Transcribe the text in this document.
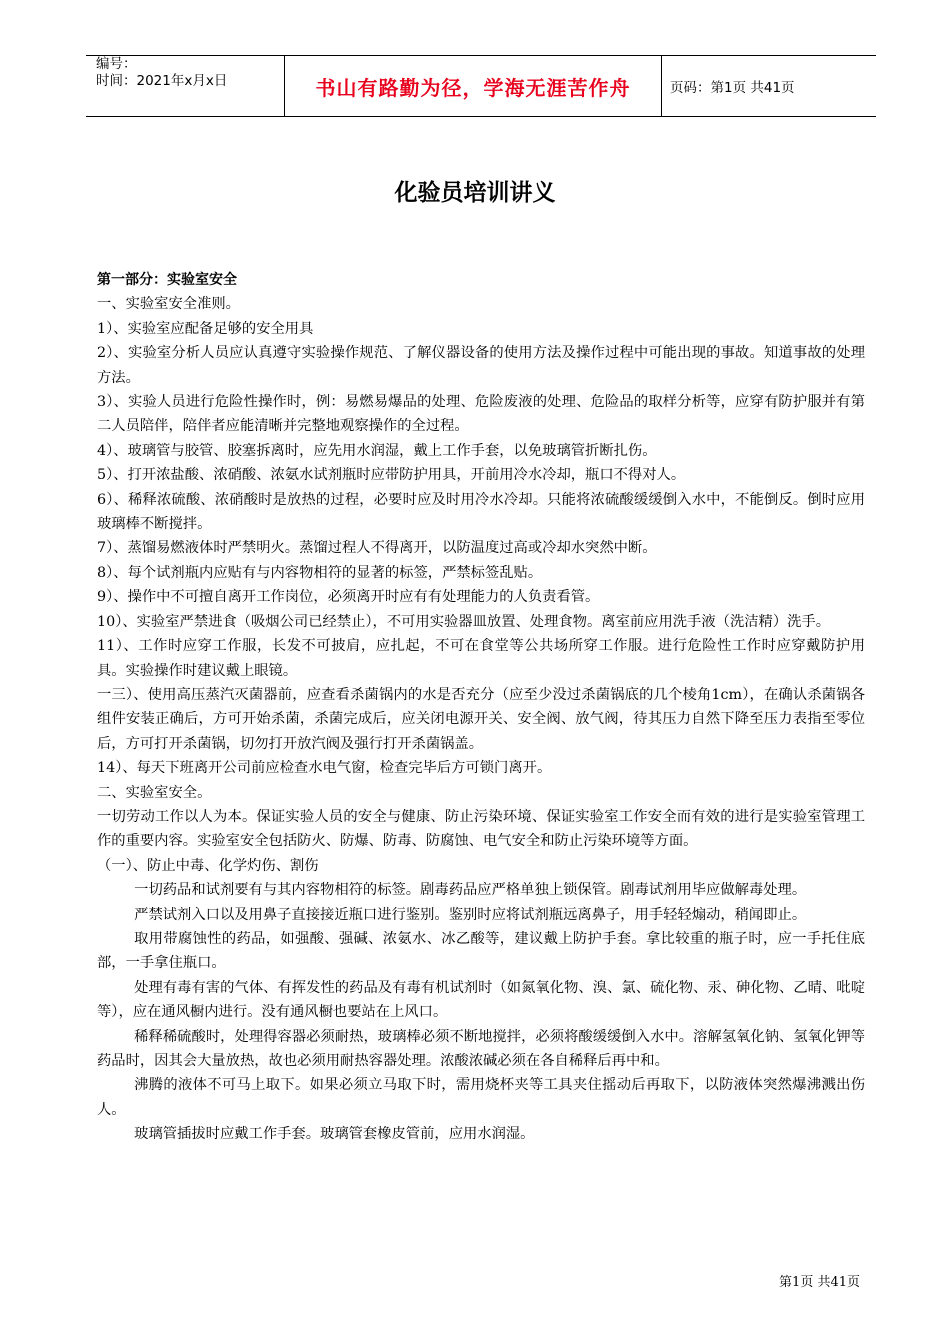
编号：
时间：2021年x月x日	书山有路勤为径，学海无涯苦作舟	页码：第1页 共41页
化验员培训讲义

第一部分：实验室安全

一、实验室安全准则。

1）、实验室应配备足够的安全用具

2）、实验室分析人员应认真遵守实验操作规范、了解仪器设备的使用方法及操作过程中可能出现的事故。知道事故的处理方法。

3）、实验人员进行危险性操作时，例：易燃易爆品的处理、危险废液的处理、危险品的取样分析等，应穿有防护服并有第二人员陪伴，陪伴者应能清晰并完整地观察操作的全过程。

4）、玻璃管与胶管、胶塞拆离时，应先用水润湿，戴上工作手套，以免玻璃管折断扎伤。

5）、打开浓盐酸、浓硝酸、浓氨水试剂瓶时应带防护用具，开前用冷水冷却，瓶口不得对人。

6）、稀释浓硫酸、浓硝酸时是放热的过程，必要时应及时用冷水冷却。只能将浓硫酸缓缓倒入水中，不能倒反。倒时应用玻璃棒不断搅拌。

7）、蒸馏易燃液体时严禁明火。蒸馏过程人不得离开，以防温度过高或冷却水突然中断。

8）、每个试剂瓶内应贴有与内容物相符的显著的标签，严禁标签乱贴。

9）、操作中不可擅自离开工作岗位，必须离开时应有有处理能力的人负责看管。

10）、实验室严禁进食（吸烟公司已经禁止），不可用实验器皿放置、处理食物。离室前应用洗手液（洗洁精）洗手。

11）、工作时应穿工作服，长发不可披肩，应扎起，不可在食堂等公共场所穿工作服。进行危险性工作时应穿戴防护用具。实验操作时建议戴上眼镜。

一三）、使用高压蒸汽灭菌器前，应查看杀菌锅内的水是否充分（应至少没过杀菌锅底的几个棱角1cm），在确认杀菌锅各组件安装正确后，方可开始杀菌，杀菌完成后，应关闭电源开关、安全阀、放气阀，待其压力自然下降至压力表指至零位后，方可打开杀菌锅，切勿打开放汽阀及强行打开杀菌锅盖。

14）、每天下班离开公司前应检查水电气窗，检查完毕后方可锁门离开。

二、实验室安全。

一切劳动工作以人为本。保证实验人员的安全与健康、防止污染环境、保证实验室工作安全而有效的进行是实验室管理工作的重要内容。实验室安全包括防火、防爆、防毒、防腐蚀、电气安全和防止污染环境等方面。

（一）、防止中毒、化学灼伤、割伤

一切药品和试剂要有与其内容物相符的标签。剧毒药品应严格单独上锁保管。剧毒试剂用毕应做解毒处理。

严禁试剂入口以及用鼻子直接接近瓶口进行鉴别。鉴别时应将试剂瓶远离鼻子，用手轻轻煽动，稍闻即止。

取用带腐蚀性的药品，如强酸、强碱、浓氨水、冰乙酸等，建议戴上防护手套。拿比较重的瓶子时，应一手托住底部，一手拿住瓶口。

处理有毒有害的气体、有挥发性的药品及有毒有机试剂时（如氮氧化物、溴、氯、硫化物、汞、砷化物、乙晴、吡啶等），应在通风橱内进行。没有通风橱也要站在上风口。

稀释稀硫酸时，处理得容器必须耐热，玻璃棒必须不断地搅拌，必须将酸缓缓倒入水中。溶解氢氧化钠、氢氧化钾等药品时，因其会大量放热，故也必须用耐热容器处理。浓酸浓碱必须在各自稀释后再中和。

沸腾的液体不可马上取下。如果必须立马取下时，需用烧杯夹等工具夹住摇动后再取下，以防液体突然爆沸溅出伤人。

玻璃管插拔时应戴工作手套。玻璃管套橡皮管前，应用水润湿。

第1页 共41页
